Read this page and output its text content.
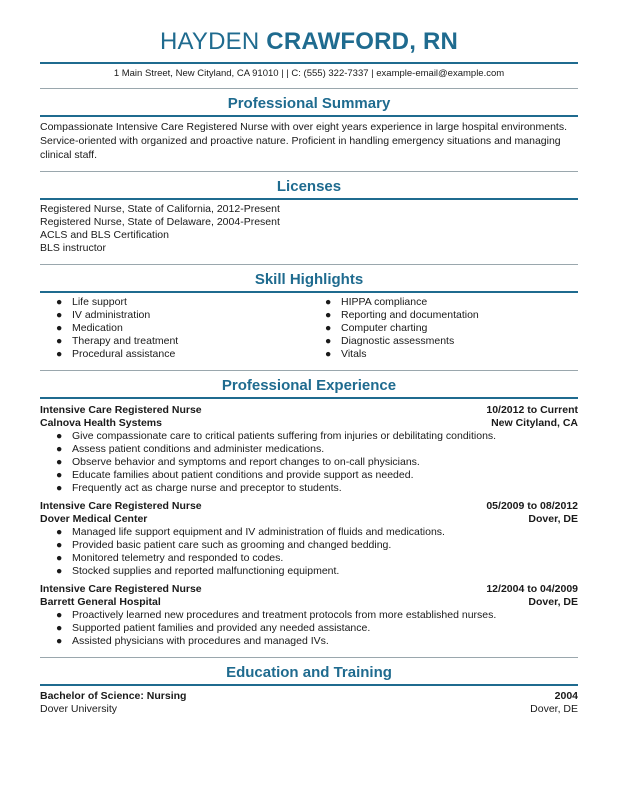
HAYDEN CRAWFORD, RN
1 Main Street, New Cityland, CA 91010 | | C: (555) 322-7337 | example-email@example.com
Professional Summary
Compassionate Intensive Care Registered Nurse with over eight years experience in large hospital environments. Service-oriented with organized and proactive nature. Proficient in handling emergency situations and managing clinical staff.
Licenses
Registered Nurse, State of California, 2012-Present
Registered Nurse, State of Delaware, 2004-Present
ACLS and BLS Certification
BLS instructor
Skill Highlights
● Life support
● IV administration
● Medication
● Therapy and treatment
● Procedural assistance
● HIPPA compliance
● Reporting and documentation
● Computer charting
● Diagnostic assessments
● Vitals
Professional Experience
Intensive Care Registered Nurse	10/2012 to Current
Calnova Health Systems	New Cityland, CA
● Give compassionate care to critical patients suffering from injuries or debilitating conditions.
● Assess patient conditions and administer medications.
● Observe behavior and symptoms and report changes to on-call physicians.
● Educate families about patient conditions and provide support as needed.
● Frequently act as charge nurse and preceptor to students.
Intensive Care Registered Nurse	05/2009 to 08/2012
Dover Medical Center	Dover, DE
● Managed life support equipment and IV administration of fluids and medications.
● Provided basic patient care such as grooming and changed bedding.
● Monitored telemetry and responded to codes.
● Stocked supplies and reported malfunctioning equipment.
Intensive Care Registered Nurse	12/2004 to 04/2009
Barrett General Hospital	Dover, DE
● Proactively learned new procedures and treatment protocols from more established nurses.
● Supported patient families and provided any needed assistance.
● Assisted physicians with procedures and managed IVs.
Education and Training
Bachelor of Science: Nursing	2004
Dover University	Dover, DE
